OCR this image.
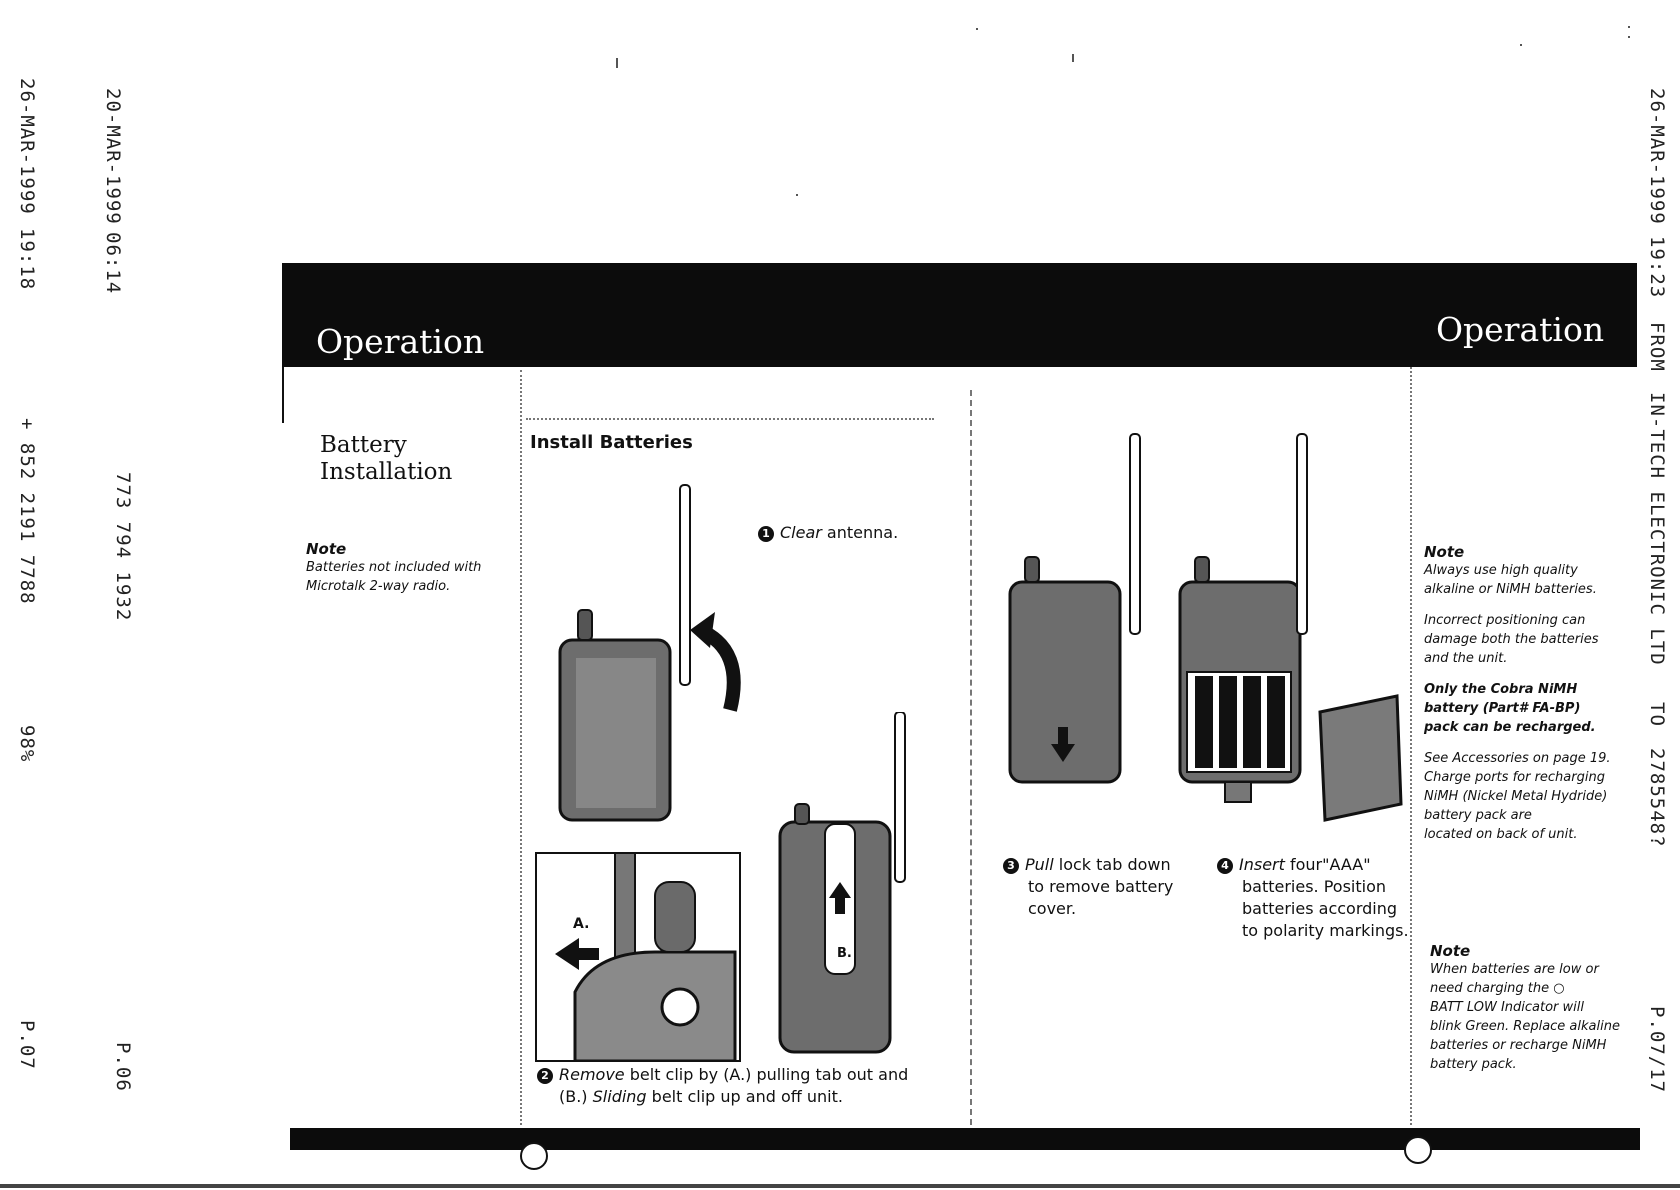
26-MAR-1999
19:18
+ 852 2191 7788
98%
P.07
20-MAR-1999
06:14
773 794 1932
P.06
26-MAR-1999
19:23
FROM
IN-TECH ELECTRONIC LTD
TO
2785548?
P.07/17
Operation	Operation
Battery
Installation
Note
Batteries not included with
Microtalk 2-way radio.
Install Batteries
1 Clear antenna.
A.
B.
2 Remove belt clip by (A.) pulling tab out and
(B.) Sliding belt clip up and off unit.
3 Pull lock tab down
to remove battery
cover.
4 Insert four"AAA"
batteries. Position
batteries according
to polarity markings.
Note
Always use high quality
alkaline or NiMH batteries.
Incorrect positioning can
damage both the batteries
and the unit.
Only the Cobra NiMH
battery (Part# FA-BP)
pack can be recharged.
See Accessories on page 19.
Charge ports for recharging
NiMH (Nickel Metal Hydride)
battery pack are
located on back of unit.
Note
When batteries are low or
need charging the ○
BATT LOW Indicator will
blink Green. Replace alkaline
batteries or recharge NiMH
battery pack.
